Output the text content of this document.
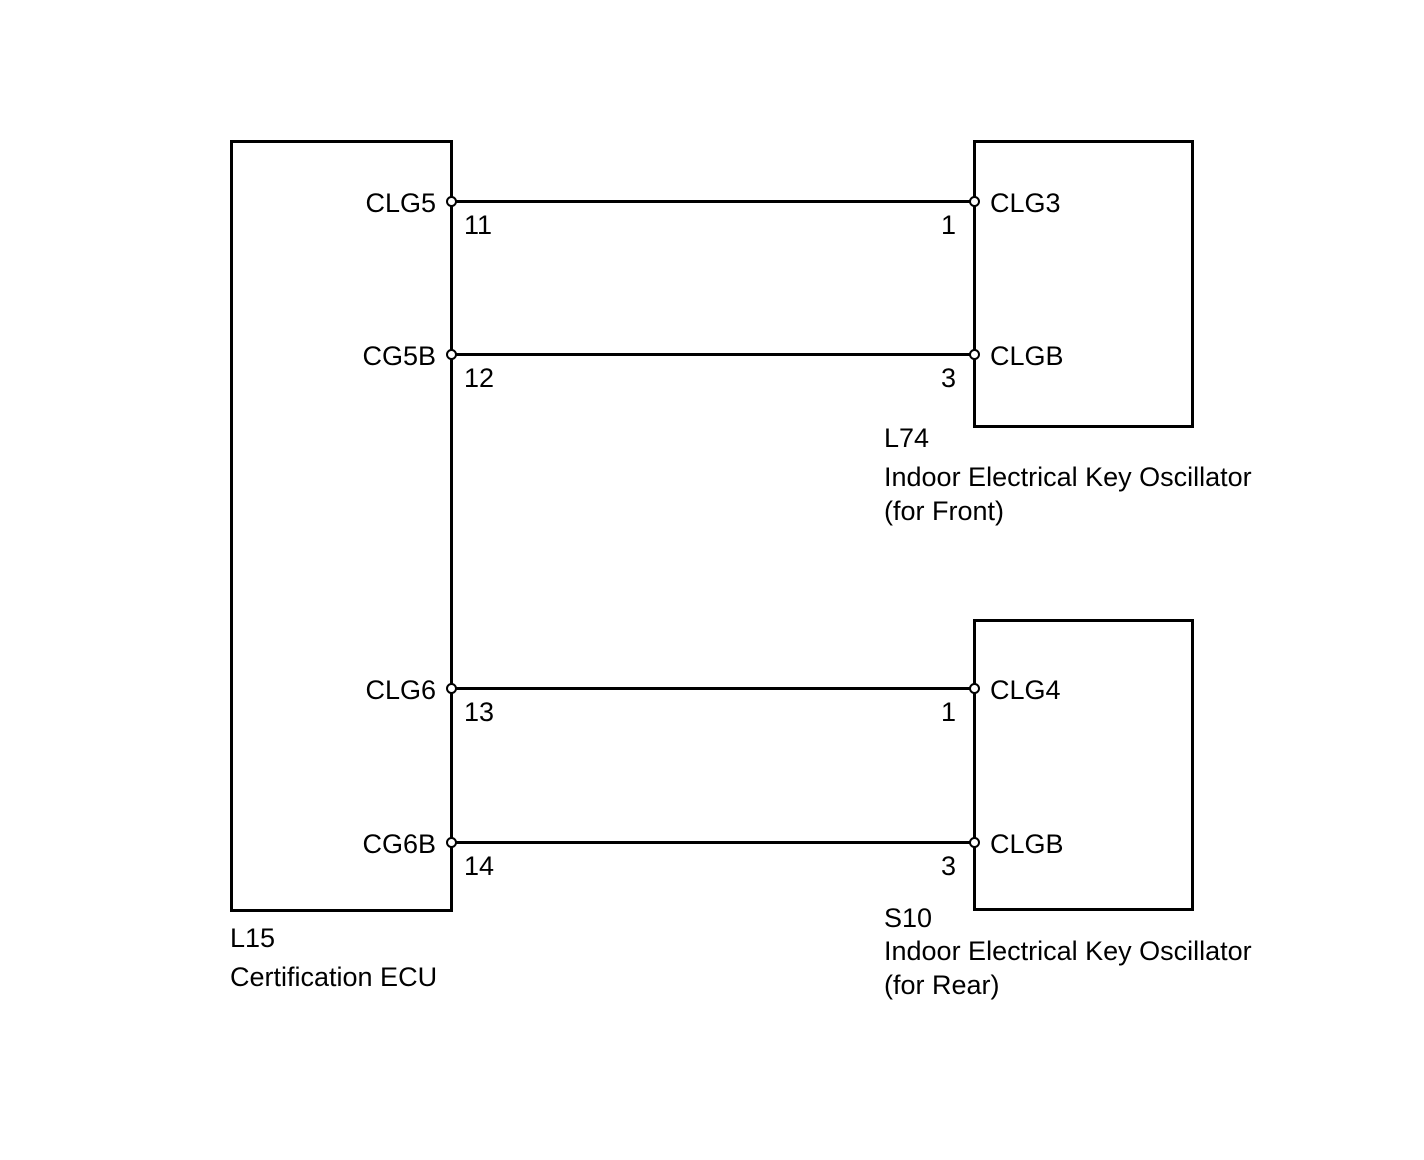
CLG5
CG5B
CLG6
CG6B
11
12
13
14
1
3
1
3
CLG3
CLGB
CLG4
CLGB
L15
Certification ECU
L74
Indoor Electrical Key Oscillator
(for Front)
S10
Indoor Electrical Key Oscillator
(for Rear)
